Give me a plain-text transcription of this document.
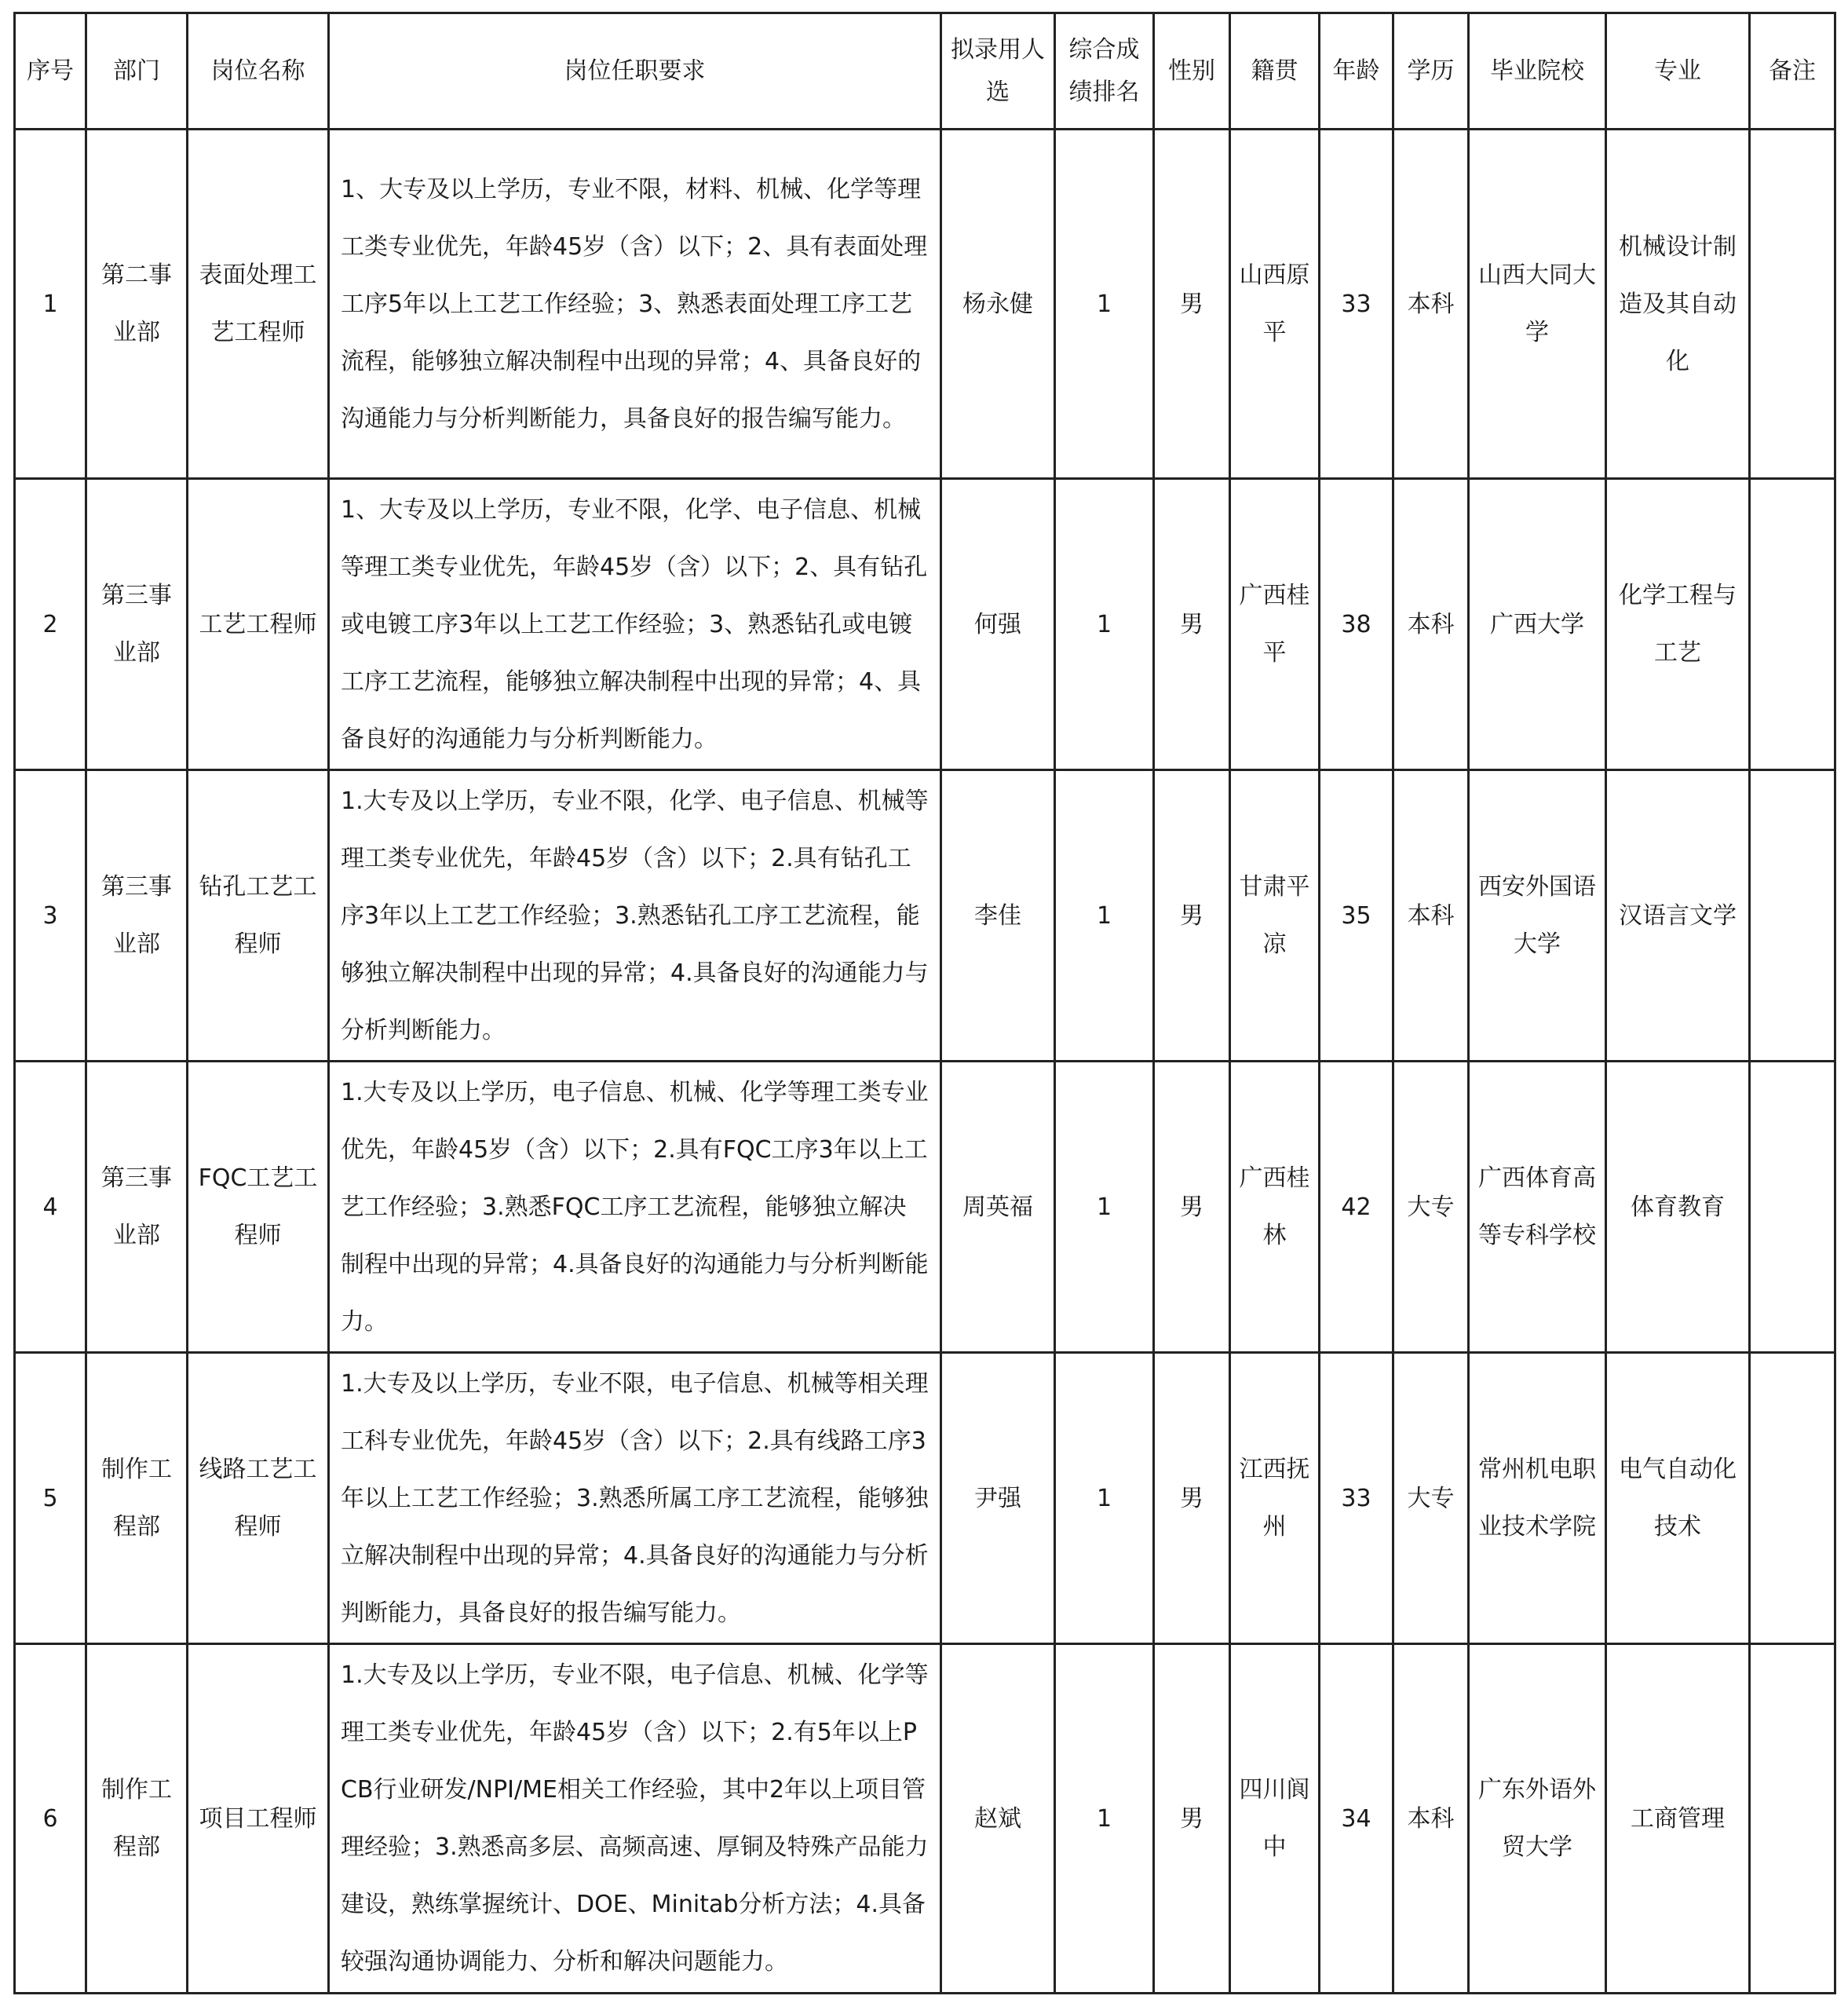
序号	部门	岗位名称	岗位任职要求	拟录用人选	综合成绩排名	性别	籍贯	年龄	学历	毕业院校	专业	备注
1	第二事业部	表面处理工艺工程师	1、大专及以上学历，专业不限，材料、机械、化学等理工类专业优先，年龄45岁（含）以下；2、具有表面处理工序5年以上工艺工作经验；3、熟悉表面处理工序工艺流程，能够独立解决制程中出现的异常；4、具备良好的沟通能力与分析判断能力，具备良好的报告编写能力。	杨永健	1	男	山西原平	33	本科	山西大同大学	机械设计制造及其自动化	
2	第三事业部	工艺工程师	1、大专及以上学历，专业不限，化学、电子信息、机械等理工类专业优先，年龄45岁（含）以下；2、具有钻孔或电镀工序3年以上工艺工作经验；3、熟悉钻孔或电镀工序工艺流程，能够独立解决制程中出现的异常；4、具备良好的沟通能力与分析判断能力。	何强	1	男	广西桂平	38	本科	广西大学	化学工程与工艺	
3	第三事业部	钻孔工艺工程师	1.大专及以上学历，专业不限，化学、电子信息、机械等理工类专业优先，年龄45岁（含）以下；2.具有钻孔工序3年以上工艺工作经验；3.熟悉钻孔工序工艺流程，能够独立解决制程中出现的异常；4.具备良好的沟通能力与分析判断能力。	李佳	1	男	甘肃平凉	35	本科	西安外国语大学	汉语言文学	
4	第三事业部	FQC工艺工程师	1.大专及以上学历，电子信息、机械、化学等理工类专业优先，年龄45岁（含）以下；2.具有FQC工序3年以上工艺工作经验；3.熟悉FQC工序工艺流程，能够独立解决制程中出现的异常；4.具备良好的沟通能力与分析判断能力。	周英福	1	男	广西桂林	42	大专	广西体育高等专科学校	体育教育	
5	制作工程部	线路工艺工程师	1.大专及以上学历，专业不限，电子信息、机械等相关理工科专业优先，年龄45岁（含）以下；2.具有线路工序3年以上工艺工作经验；3.熟悉所属工序工艺流程，能够独立解决制程中出现的异常；4.具备良好的沟通能力与分析判断能力，具备良好的报告编写能力。	尹强	1	男	江西抚州	33	大专	常州机电职业技术学院	电气自动化技术	
6	制作工程部	项目工程师	1.大专及以上学历，专业不限，电子信息、机械、化学等理工类专业优先，年龄45岁（含）以下；2.有5年以上PCB行业研发/NPI/ME相关工作经验，其中2年以上项目管理经验；3.熟悉高多层、高频高速、厚铜及特殊产品能力建设，熟练掌握统计、DOE、Minitab分析方法；4.具备较强沟通协调能力、分析和解决问题能力。	赵斌	1	男	四川阆中	34	本科	广东外语外贸大学	工商管理	
